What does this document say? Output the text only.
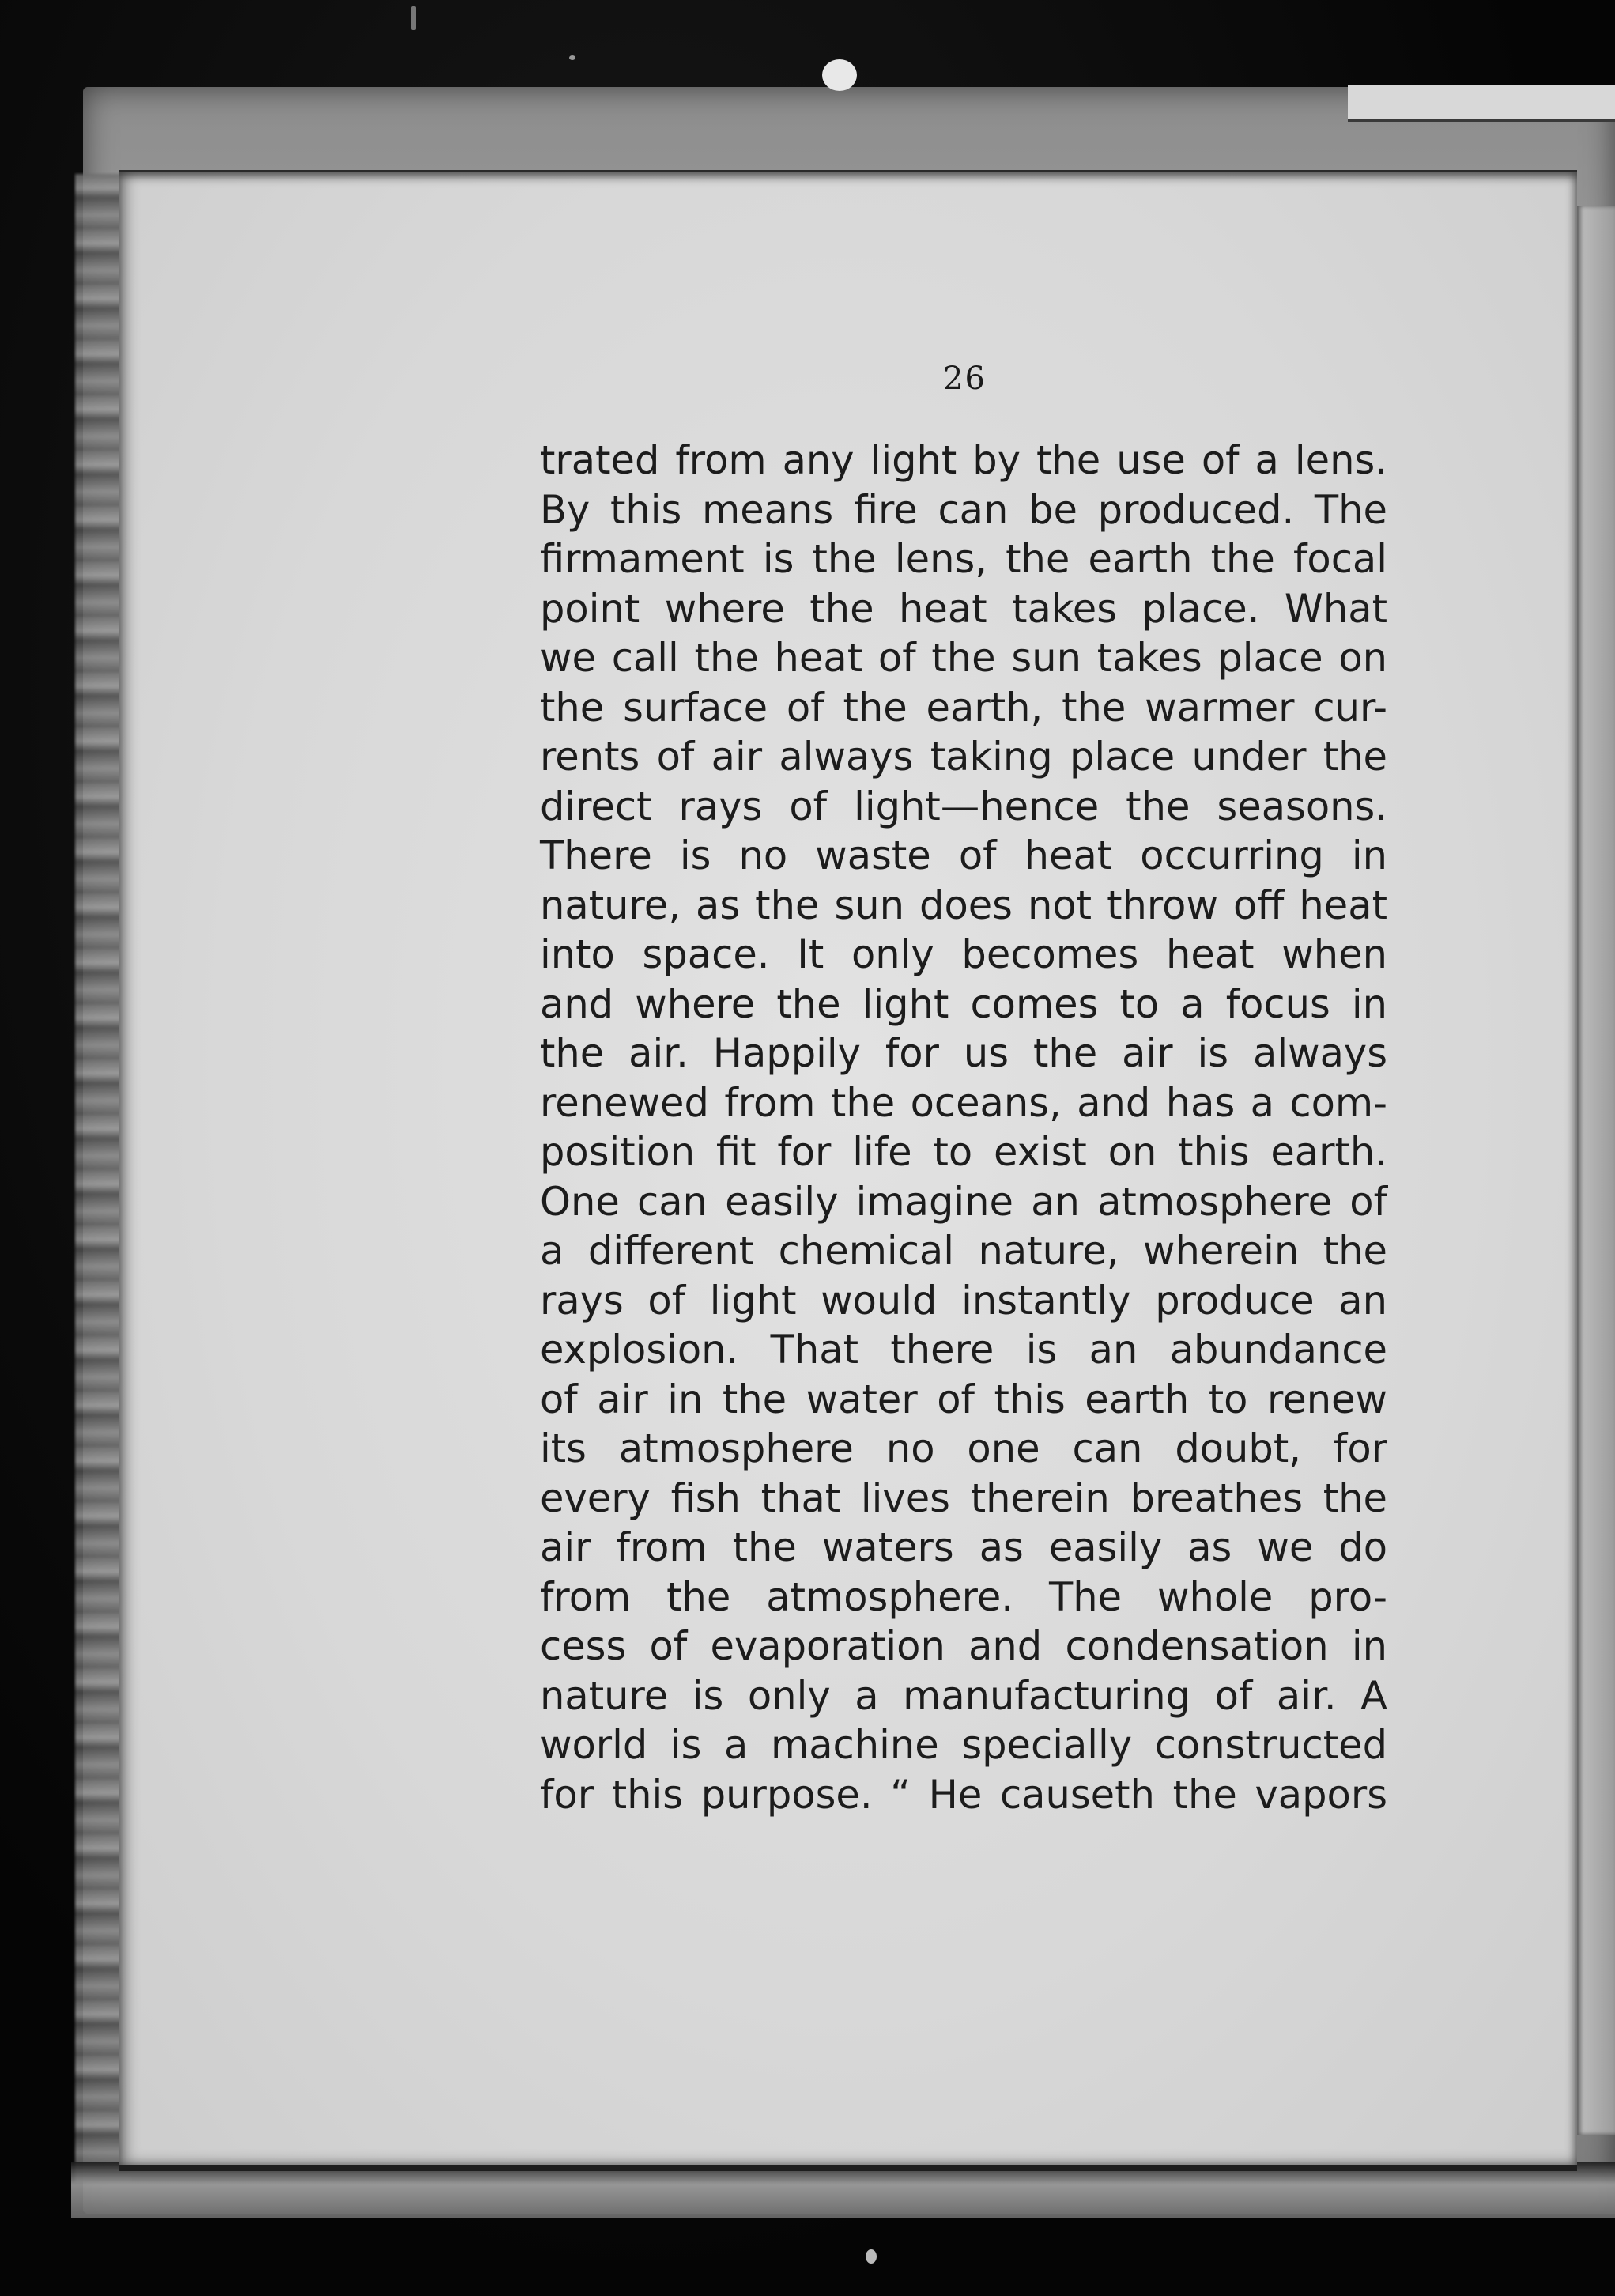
26
trated from any light by the use of a lens.
By this means fire can be produced. The
firmament is the lens, the earth the focal
point where the heat takes place. What
we call the heat of the sun takes place on
the surface of the earth, the warmer cur-
rents of air always taking place under the
direct rays of light—hence the seasons.
There is no waste of heat occurring in
nature, as the sun does not throw off heat
into space. It only becomes heat when
and where the light comes to a focus in
the air. Happily for us the air is always
renewed from the oceans, and has a com-
position fit for life to exist on this earth.
One can easily imagine an atmosphere of
a different chemical nature, wherein the
rays of light would instantly produce an
explosion. That there is an abundance
of air in the water of this earth to renew
its atmosphere no one can doubt, for
every fish that lives therein breathes the
air from the waters as easily as we do
from the atmosphere. The whole pro-
cess of evaporation and condensation in
nature is only a manufacturing of air. A
world is a machine specially constructed
for this purpose. “ He causeth the vapors
